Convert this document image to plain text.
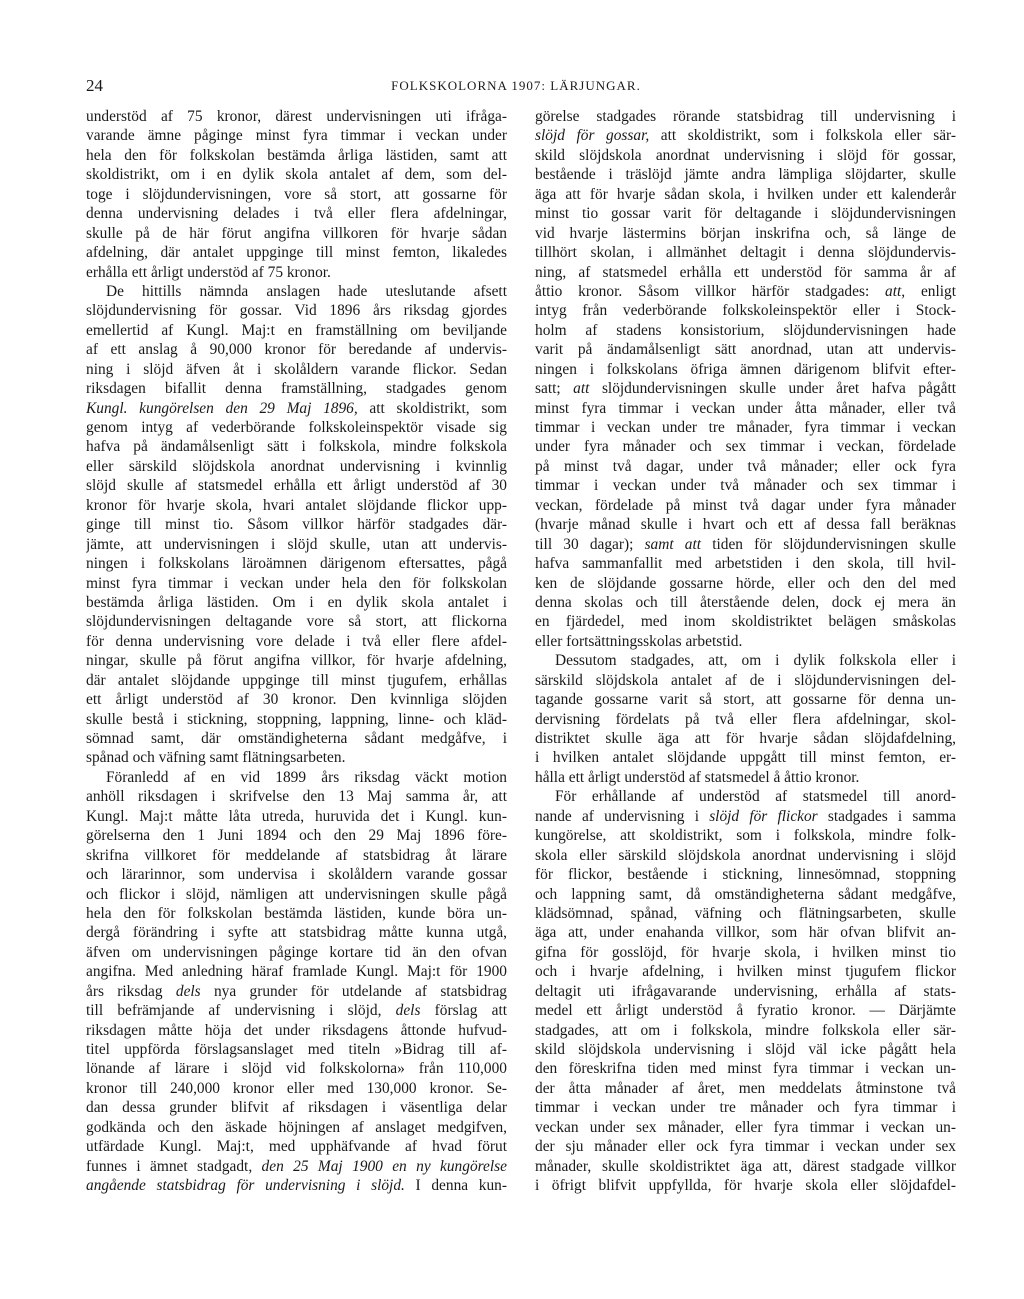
24	FOLKSKOLORNA 1907: LÄRJUNGAR.
understöd af 75 kronor, därest undervisningen uti ifråga-
varande ämne påginge minst fyra timmar i veckan under
hela den för folkskolan bestämda årliga lästiden, samt att
skoldistrikt, om i en dylik skola antalet af dem, som del-
toge i slöjdundervisningen, vore så stort, att gossarne för
denna undervisning delades i två eller flera afdelningar,
skulle på de här förut angifna villkoren för hvarje sådan
afdelning, där antalet uppginge till minst femton, likaledes
erhålla ett årligt understöd af 75 kronor.
De hittills nämnda anslagen hade uteslutande afsett
slöjdundervisning för gossar. Vid 1896 års riksdag gjordes
emellertid af Kungl. Maj:t en framställning om beviljande
af ett anslag å 90,000 kronor för beredande af undervis-
ning i slöjd äfven åt i skolåldern varande flickor. Sedan
riksdagen bifallit denna framställning, stadgades genom
Kungl. kungörelsen den 29 Maj 1896, att skoldistrikt, som
genom intyg af vederbörande folkskoleinspektör visade sig
hafva på ändamålsenligt sätt i folkskola, mindre folkskola
eller särskild slöjdskola anordnat undervisning i kvinnlig
slöjd skulle af statsmedel erhålla ett årligt understöd af 30
kronor för hvarje skola, hvari antalet slöjdande flickor upp-
ginge till minst tio. Såsom villkor härför stadgades där-
jämte, att undervisningen i slöjd skulle, utan att undervis-
ningen i folkskolans läroämnen därigenom eftersattes, pågå
minst fyra timmar i veckan under hela den för folkskolan
bestämda årliga lästiden. Om i en dylik skola antalet i
slöjdundervisningen deltagande vore så stort, att flickorna
för denna undervisning vore delade i två eller flere afdel-
ningar, skulle på förut angifna villkor, för hvarje afdelning,
där antalet slöjdande uppginge till minst tjugufem, erhållas
ett årligt understöd af 30 kronor. Den kvinnliga slöjden
skulle bestå i stickning, stoppning, lappning, linne- och kläd-
sömnad samt, där omständigheterna sådant medgåfve, i
spånad och väfning samt flätningsarbeten.
Föranledd af en vid 1899 års riksdag väckt motion
anhöll riksdagen i skrifvelse den 13 Maj samma år, att
Kungl. Maj:t måtte låta utreda, huruvida det i Kungl. kun-
görelserna den 1 Juni 1894 och den 29 Maj 1896 före-
skrifna villkoret för meddelande af statsbidrag åt lärare
och lärarinnor, som undervisa i skolåldern varande gossar
och flickor i slöjd, nämligen att undervisningen skulle pågå
hela den för folkskolan bestämda lästiden, kunde böra un-
dergå förändring i syfte att statsbidrag måtte kunna utgå,
äfven om undervisningen påginge kortare tid än den ofvan
angifna. Med anledning häraf framlade Kungl. Maj:t för 1900
års riksdag dels nya grunder för utdelande af statsbidrag
till befrämjande af undervisning i slöjd, dels förslag att
riksdagen måtte höja det under riksdagens åttonde hufvud-
titel uppförda förslagsanslaget med titeln »Bidrag till af-
lönande af lärare i slöjd vid folkskolorna» från 110,000
kronor till 240,000 kronor eller med 130,000 kronor. Se-
dan dessa grunder blifvit af riksdagen i väsentliga delar
godkända och den äskade höjningen af anslaget medgifven,
utfärdade Kungl. Maj:t, med upphäfvande af hvad förut
funnes i ämnet stadgadt, den 25 Maj 1900 en ny kungörelse
angående statsbidrag för undervisning i slöjd. I denna kun-
görelse stadgades rörande statsbidrag till undervisning i
slöjd för gossar, att skoldistrikt, som i folkskola eller sär-
skild slöjdskola anordnat undervisning i slöjd för gossar,
bestående i träslöjd jämte andra lämpliga slöjdarter, skulle
äga att för hvarje sådan skola, i hvilken under ett kalenderår
minst tio gossar varit för deltagande i slöjdundervisningen
vid hvarje lästermins början inskrifna och, så länge de
tillhört skolan, i allmänhet deltagit i denna slöjdundervis-
ning, af statsmedel erhålla ett understöd för samma år af
åttio kronor. Såsom villkor härför stadgades: att, enligt
intyg från vederbörande folkskoleinspektör eller i Stock-
holm af stadens konsistorium, slöjdundervisningen hade
varit på ändamålsenligt sätt anordnad, utan att undervis-
ningen i folkskolans öfriga ämnen därigenom blifvit efter-
satt; att slöjdundervisningen skulle under året hafva pågått
minst fyra timmar i veckan under åtta månader, eller två
timmar i veckan under tre månader, fyra timmar i veckan
under fyra månader och sex timmar i veckan, fördelade
på minst två dagar, under två månader; eller ock fyra
timmar i veckan under två månader och sex timmar i
veckan, fördelade på minst två dagar under fyra månader
(hvarje månad skulle i hvart och ett af dessa fall beräknas
till 30 dagar); samt att tiden för slöjdundervisningen skulle
hafva sammanfallit med arbetstiden i den skola, till hvil-
ken de slöjdande gossarne hörde, eller och den del med
denna skolas och till återstående delen, dock ej mera än
en fjärdedel, med inom skoldistriktet belägen småskolas
eller fortsättningsskolas arbetstid.
Dessutom stadgades, att, om i dylik folkskola eller i
särskild slöjdskola antalet af de i slöjdundervisningen del-
tagande gossarne varit så stort, att gossarne för denna un-
dervisning fördelats på två eller flera afdelningar, skol-
distriktet skulle äga att för hvarje sådan slöjdafdelning,
i hvilken antalet slöjdande uppgått till minst femton, er-
hålla ett årligt understöd af statsmedel å åttio kronor.
För erhållande af understöd af statsmedel till anord-
nande af undervisning i slöjd för flickor stadgades i samma
kungörelse, att skoldistrikt, som i folkskola, mindre folk-
skola eller särskild slöjdskola anordnat undervisning i slöjd
för flickor, bestående i stickning, linnesömnad, stoppning
och lappning samt, då omständigheterna sådant medgåfve,
klädsömnad, spånad, väfning och flätningsarbeten, skulle
äga att, under enahanda villkor, som här ofvan blifvit an-
gifna för gosslöjd, för hvarje skola, i hvilken minst tio
och i hvarje afdelning, i hvilken minst tjugufem flickor
deltagit uti ifrågavarande undervisning, erhålla af stats-
medel ett årligt understöd å fyratio kronor. — Därjämte
stadgades, att om i folkskola, mindre folkskola eller sär-
skild slöjdskola undervisning i slöjd väl icke pågått hela
den föreskrifna tiden med minst fyra timmar i veckan un-
der åtta månader af året, men meddelats åtminstone två
timmar i veckan under tre månader och fyra timmar i
veckan under sex månader, eller fyra timmar i veckan un-
der sju månader eller ock fyra timmar i veckan under sex
månader, skulle skoldistriktet äga att, därest stadgade villkor
i öfrigt blifvit uppfyllda, för hvarje skola eller slöjdafdel-
